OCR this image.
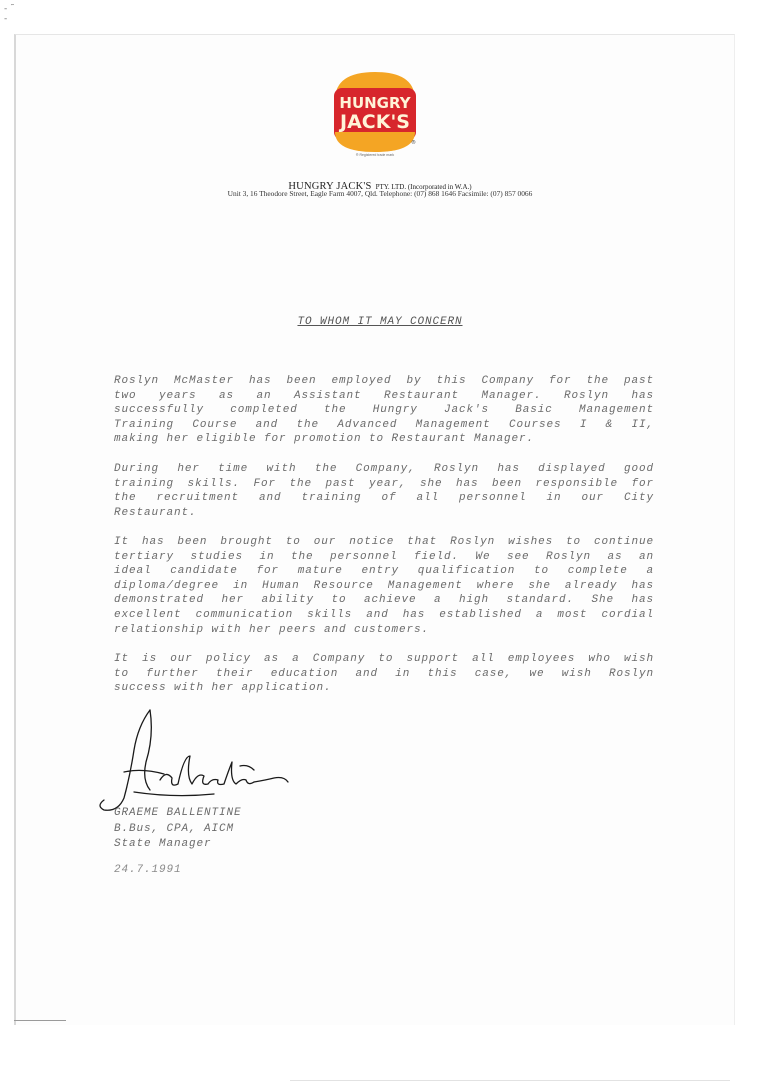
- ˜
-
HUNGRY
JACK'S
®
® Registered trade mark
HUNGRY JACK'S PTY. LTD. (Incorporated in W.A.)
Unit 3, 16 Theodore Street, Eagle Farm 4007, Qld. Telephone: (07) 868 1646 Facsimile: (07) 857 0066
TO WHOM IT MAY CONCERN
Roslyn McMaster has been employed by this Company for the past
two years as an Assistant Restaurant Manager. Roslyn has
successfully completed the Hungry Jack's Basic Management
Training Course and the Advanced Management Courses I & II,
making her eligible for promotion to Restaurant Manager.
During her time with the Company, Roslyn has displayed good
training skills. For the past year, she has been responsible for
the recruitment and training of all personnel in our City
Restaurant.
It has been brought to our notice that Roslyn wishes to continue
tertiary studies in the personnel field. We see Roslyn as an
ideal candidate for mature entry qualification to complete a
diploma/degree in Human Resource Management where she already has
demonstrated her ability to achieve a high standard. She has
excellent communication skills and has established a most cordial
relationship with her peers and customers.
It is our policy as a Company to support all employees who wish
to further their education and in this case, we wish Roslyn
success with her application.
GRAEME BALLENTINE
B.Bus, CPA, AICM
State Manager
24.7.1991
